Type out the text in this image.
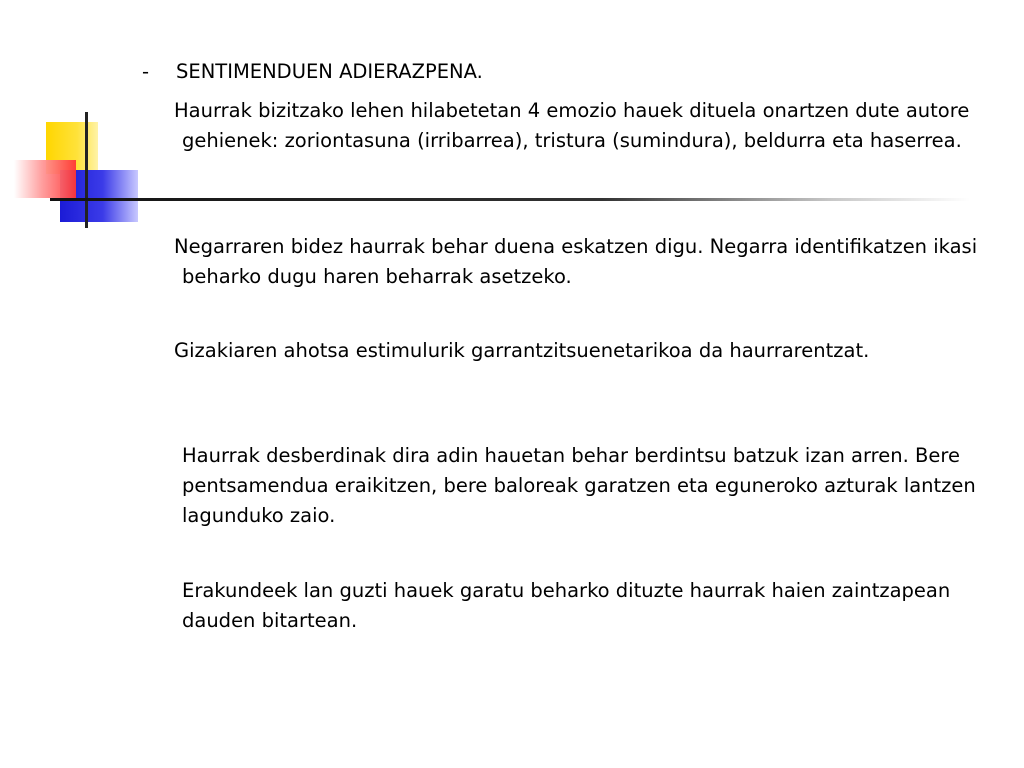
- SENTIMENDUEN ADIERAZPENA.
Haurrak bizitzako lehen hilabetetan 4 emozio hauek dituela onartzen dute autore gehienek: zoriontasuna (irribarrea), tristura (sumindura), beldurra eta haserrea.
Negarraren bidez haurrak behar duena eskatzen digu. Negarra identifikatzen ikasi beharko dugu haren beharrak asetzeko.
Gizakiaren ahotsa estimulurik garrantzitsuenetarikoa da haurrarentzat.
Haurrak desberdinak dira adin hauetan behar berdintsu batzuk izan arren. Bere pentsamendua eraikitzen, bere baloreak garatzen eta eguneroko azturak lantzen lagunduko zaio.
Erakundeek lan guzti hauek garatu beharko dituzte haurrak haien zaintzapean dauden bitartean.
